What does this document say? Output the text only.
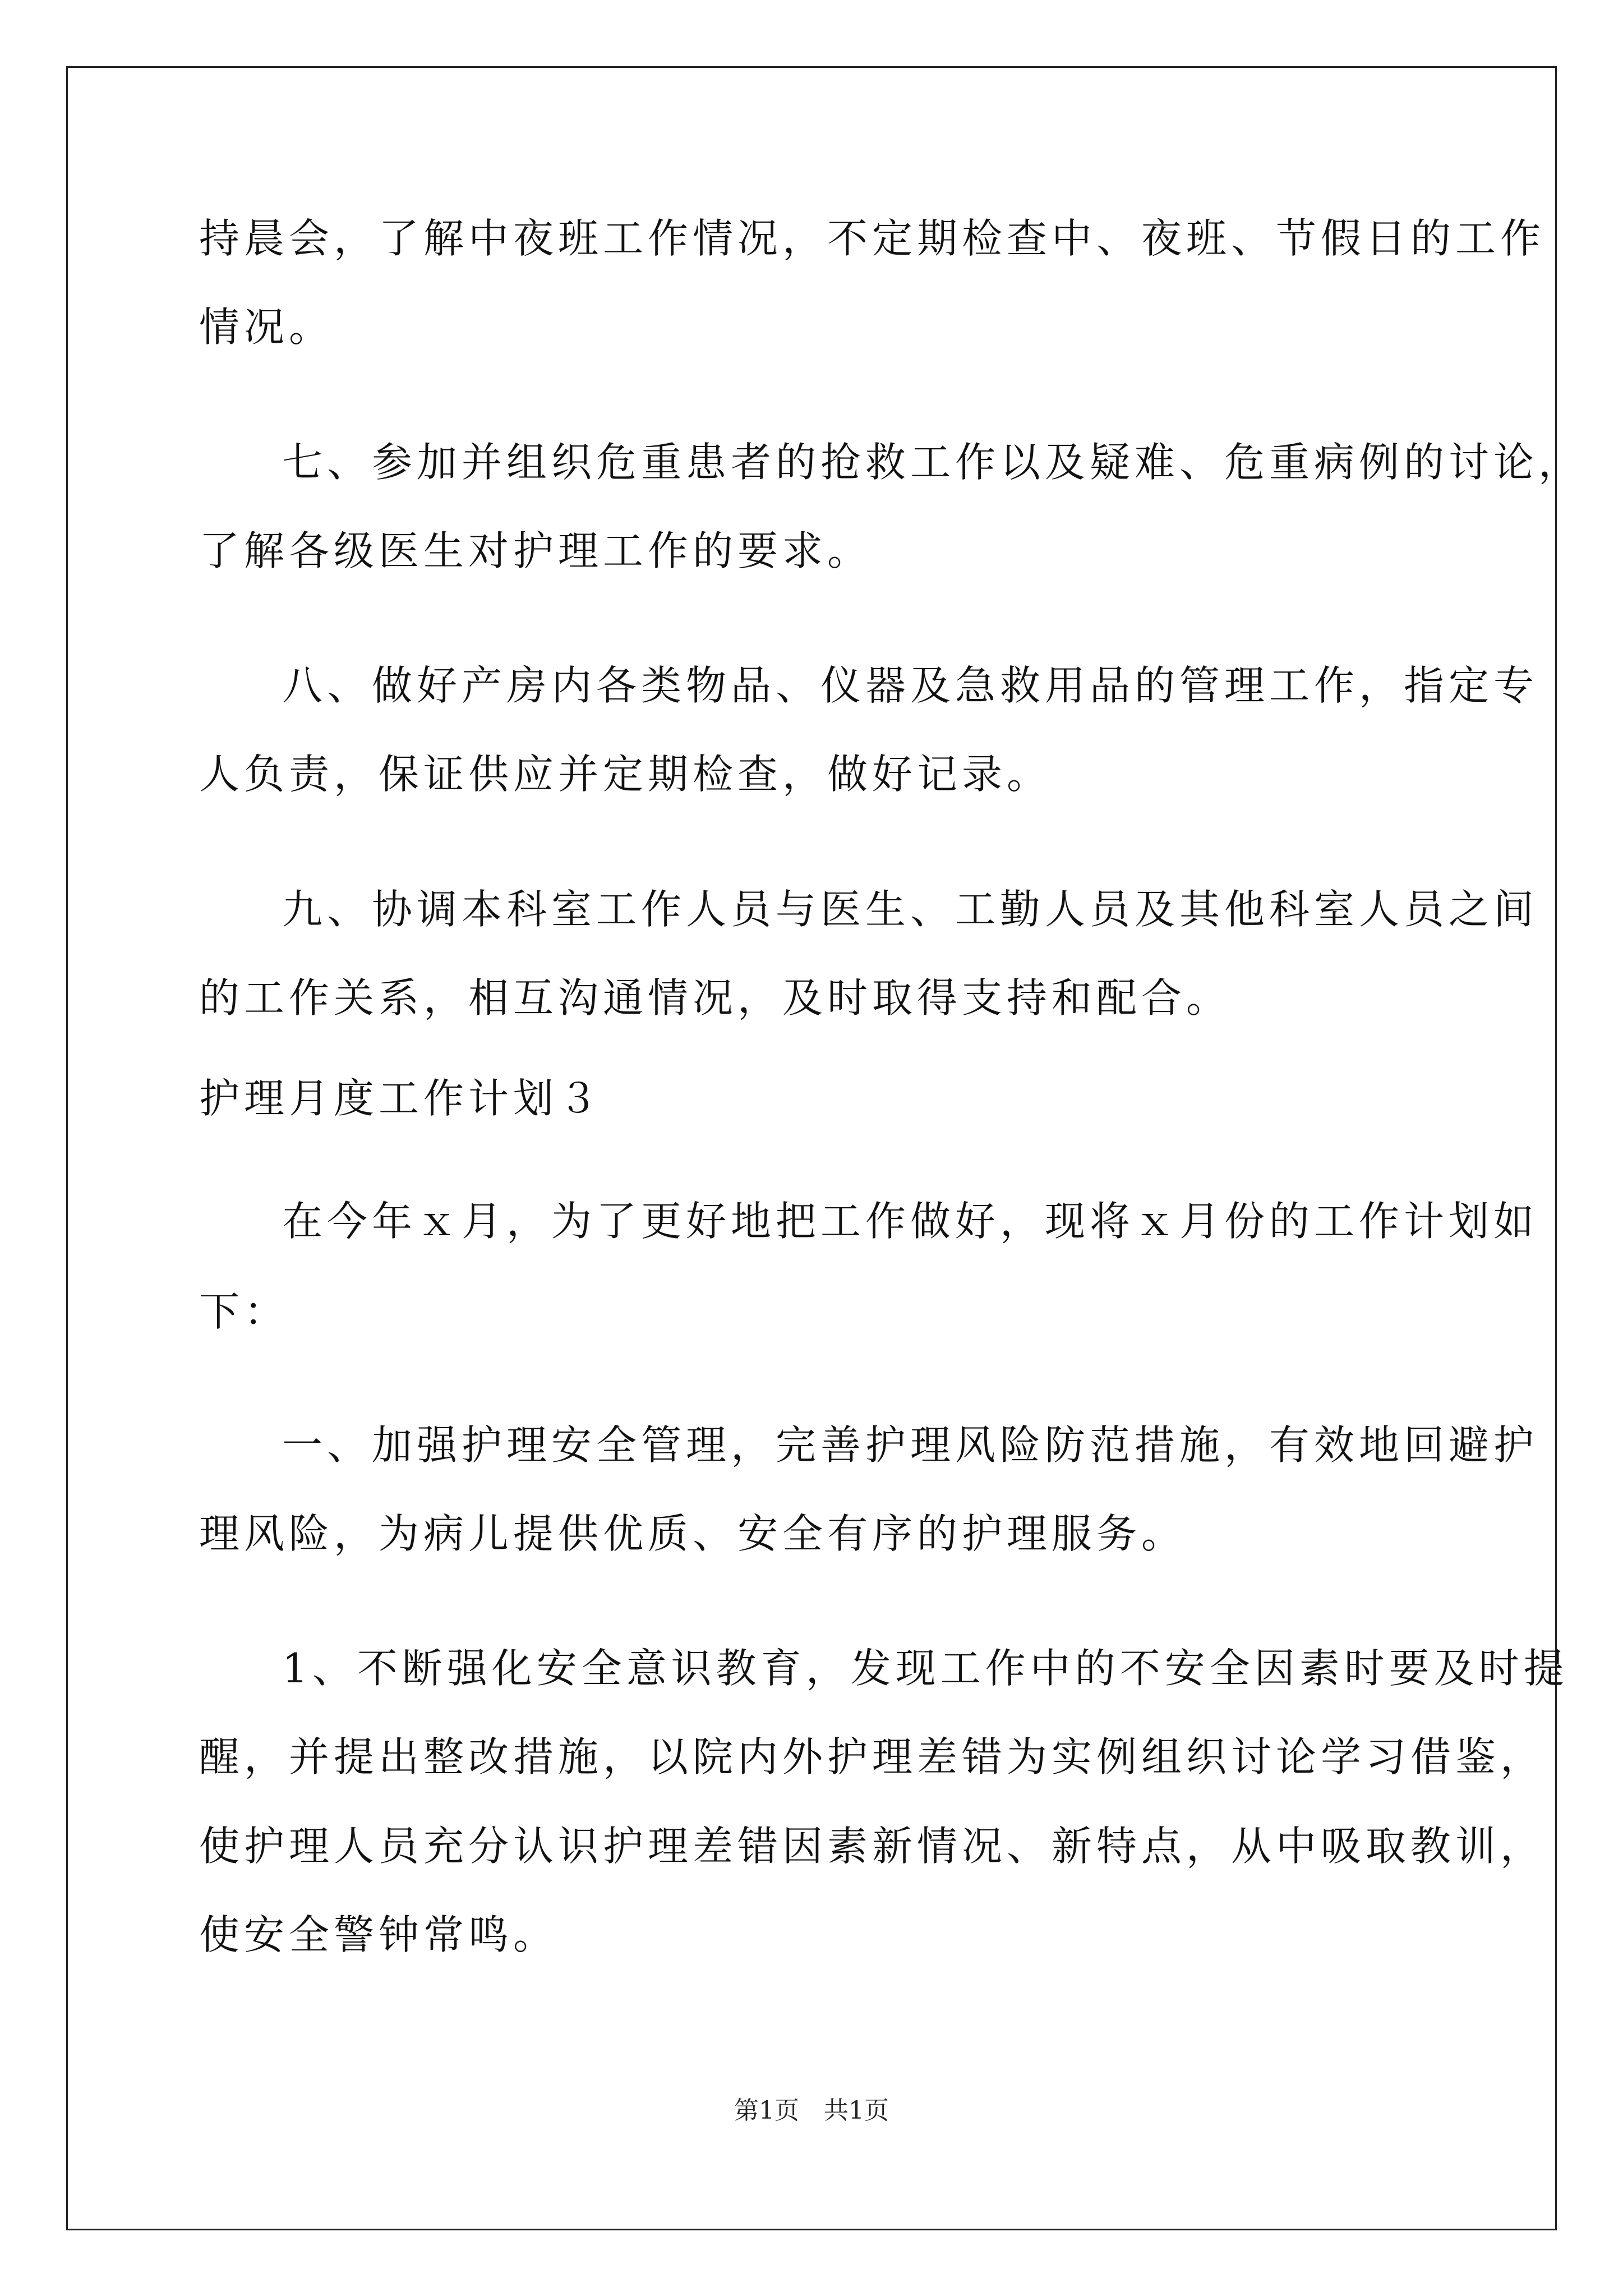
持晨会，了解中夜班工作情况，不定期检查中、夜班、节假日的工作
情况。
七、参加并组织危重患者的抢救工作以及疑难、危重病例的讨论，
了解各级医生对护理工作的要求。
八、做好产房内各类物品、仪器及急救用品的管理工作，指定专
人负责，保证供应并定期检查，做好记录。
九、协调本科室工作人员与医生、工勤人员及其他科室人员之间
的工作关系，相互沟通情况，及时取得支持和配合。
护理月度工作计划３
在今年ｘ月，为了更好地把工作做好，现将ｘ月份的工作计划如
下：
一、加强护理安全管理，完善护理风险防范措施，有效地回避护
理风险，为病儿提供优质、安全有序的护理服务。
1、不断强化安全意识教育，发现工作中的不安全因素时要及时提
醒，并提出整改措施，以院内外护理差错为实例组织讨论学习借鉴，
使护理人员充分认识护理差错因素新情况、新特点，从中吸取教训，
使安全警钟常鸣。
第1页　共1页
